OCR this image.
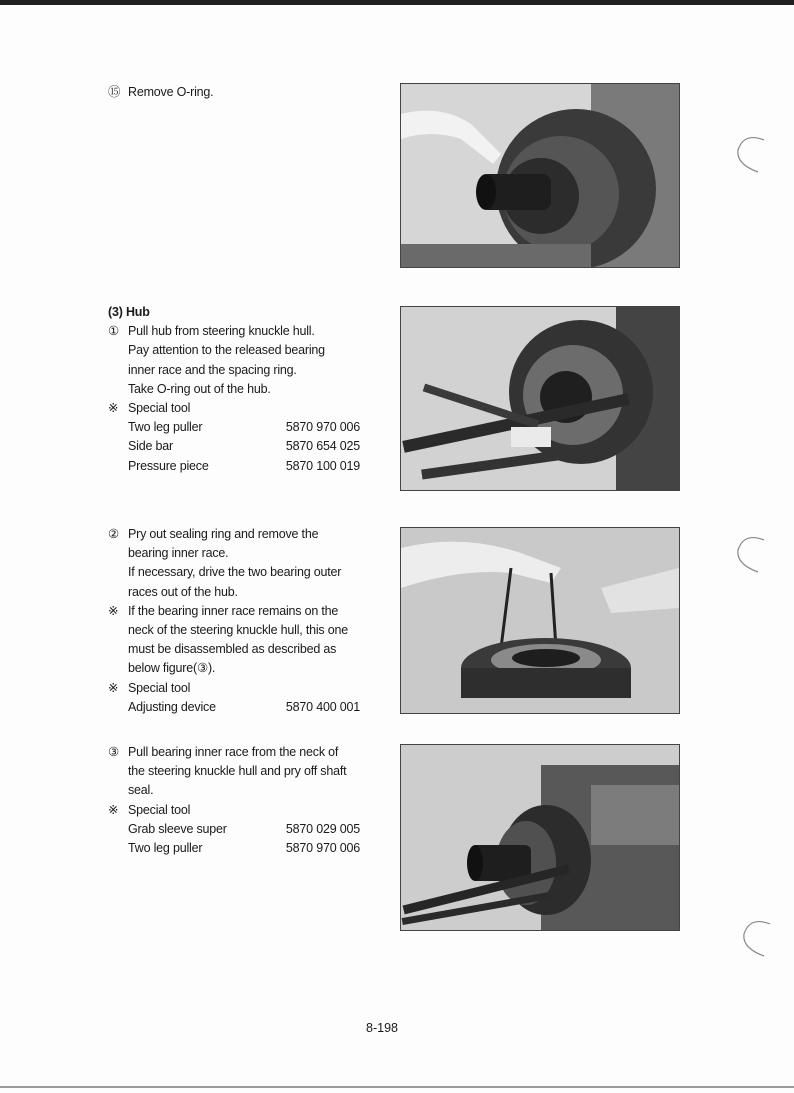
⑮ Remove O-ring.
(3) Hub
① Pull hub from steering knuckle hull.
Pay attention to the released bearing
inner race and the spacing ring.
Take O-ring out of the hub.
※ Special tool
Two leg puller	5870 970 006
Side bar	5870 654 025
Pressure piece	5870 100 019
② Pry out sealing ring and remove the
bearing inner race.
If necessary, drive the two bearing outer
races out of the hub.
※ If the bearing inner race remains on the
neck of the steering knuckle hull, this one
must be disassembled as described as
below figure(③).
※ Special tool
Adjusting device	5870 400 001
③ Pull bearing inner race from the neck of
the steering knuckle hull and pry off shaft
seal.
※ Special tool
Grab sleeve super	5870 029 005
Two leg puller	5870 970 006
8-198
